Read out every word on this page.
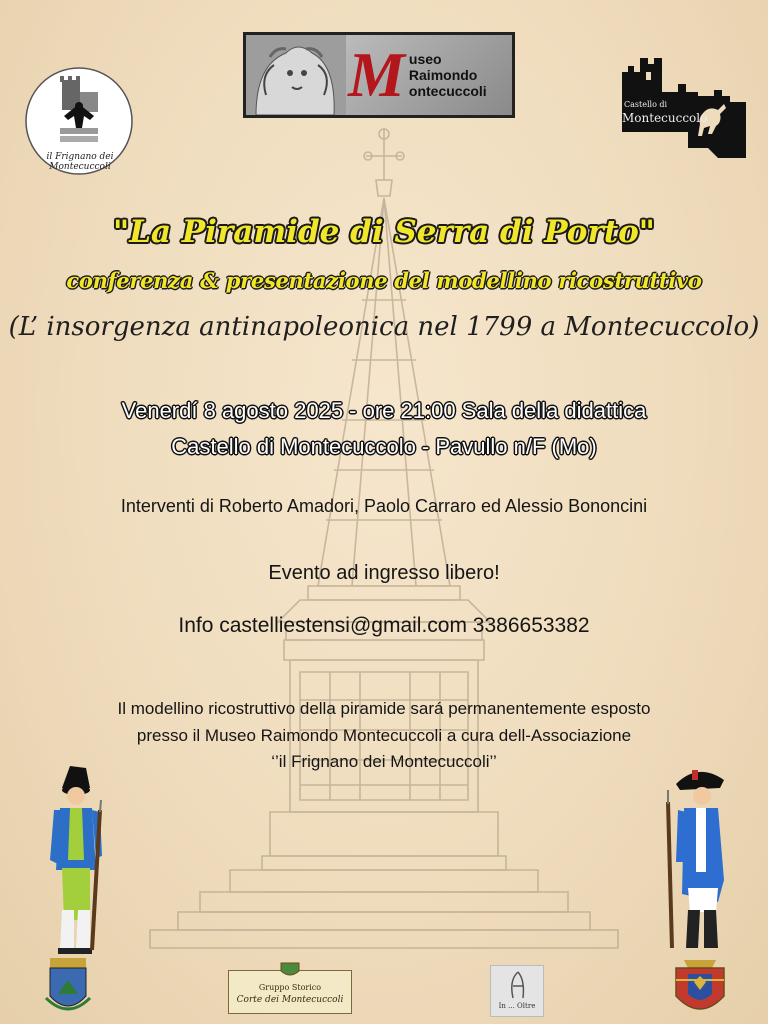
il Frignano dei Montecuccoli
M useo
Raimondo
ontecuccoli
Castello di
Montecuccolo
"La Piramide di Serra di Porto"
conferenza & presentazione del modellino ricostruttivo
(L’ insorgenza antinapoleonica nel 1799 a Montecuccolo)
Venerdí 8 agosto 2025 - ore 21:00 Sala della didattica
Castello di Montecuccolo - Pavullo n/F (Mo)
Interventi di Roberto Amadori, Paolo Carraro ed Alessio Bononcini
Evento ad ingresso libero!
Info castelliestensi@gmail.com 3386653382
Il modellino ricostruttivo della piramide sará permanentemente esposto
presso il Museo Raimondo Montecuccoli a cura dell-Associazione
‘’il Frignano dei Montecuccoli’’
Gruppo Storico
Corte dei Montecuccoli
In ... Oltre
